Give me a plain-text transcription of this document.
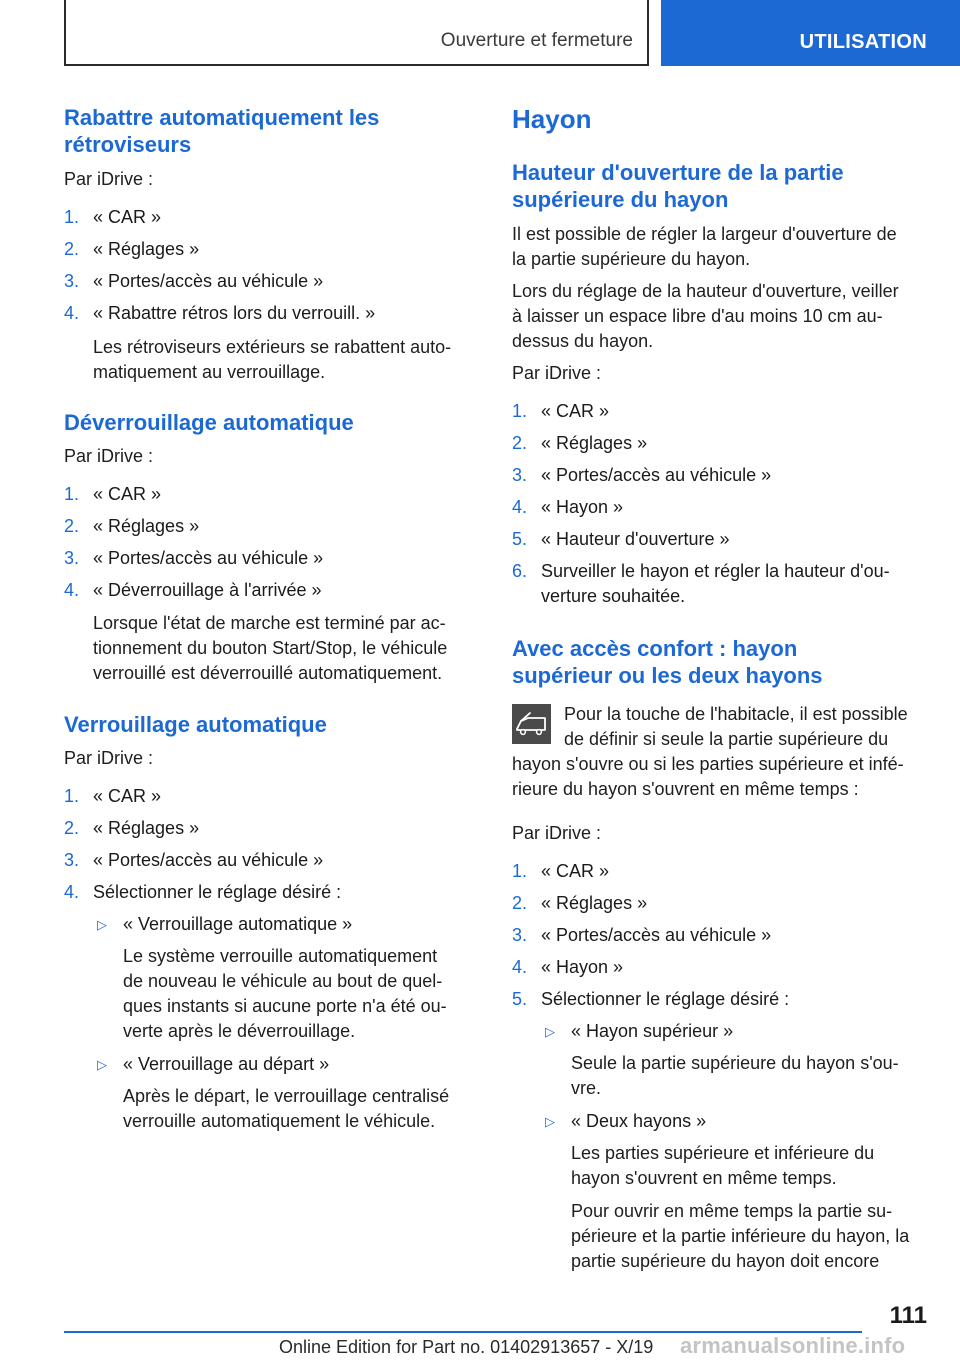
Ouverture et fermeture	UTILISATION
Rabattre automatiquement les
rétroviseurs
Par iDrive :
1. « CAR »
2. « Réglages »
3. « Portes/accès au véhicule »
4. « Rabattre rétros lors du verrouill. »
Les rétroviseurs extérieurs se rabattent auto-
matiquement au verrouillage.
Déverrouillage automatique
Par iDrive :
1. « CAR »
2. « Réglages »
3. « Portes/accès au véhicule »
4. « Déverrouillage à l'arrivée »
Lorsque l'état de marche est terminé par ac-
tionnement du bouton Start/Stop, le véhicule
verrouillé est déverrouillé automatiquement.
Verrouillage automatique
Par iDrive :
1. « CAR »
2. « Réglages »
3. « Portes/accès au véhicule »
4. Sélectionner le réglage désiré :
▷ « Verrouillage automatique »
Le système verrouille automatiquement
de nouveau le véhicule au bout de quel-
ques instants si aucune porte n'a été ou-
verte après le déverrouillage.
▷ « Verrouillage au départ »
Après le départ, le verrouillage centralisé
verrouille automatiquement le véhicule.
Hayon
Hauteur d'ouverture de la partie
supérieure du hayon
Il est possible de régler la largeur d'ouverture de
la partie supérieure du hayon.
Lors du réglage de la hauteur d'ouverture, veiller
à laisser un espace libre d'au moins 10 cm au-
dessus du hayon.
Par iDrive :
1. « CAR »
2. « Réglages »
3. « Portes/accès au véhicule »
4. « Hayon »
5. « Hauteur d'ouverture »
6. Surveiller le hayon et régler la hauteur d'ou-
verture souhaitée.
Avec accès confort : hayon
supérieur ou les deux hayons
Pour la touche de l'habitacle, il est possible
de définir si seule la partie supérieure du
hayon s'ouvre ou si les parties supérieure et infé-
rieure du hayon s'ouvrent en même temps :
Par iDrive :
1. « CAR »
2. « Réglages »
3. « Portes/accès au véhicule »
4. « Hayon »
5. Sélectionner le réglage désiré :
▷ « Hayon supérieur »
Seule la partie supérieure du hayon s'ou-
vre.
▷ « Deux hayons »
Les parties supérieure et inférieure du
hayon s'ouvrent en même temps.
Pour ouvrir en même temps la partie su-
périeure et la partie inférieure du hayon, la
partie supérieure du hayon doit encore
111
Online Edition for Part no. 01402913657 - X/19 armanualsonline.info
